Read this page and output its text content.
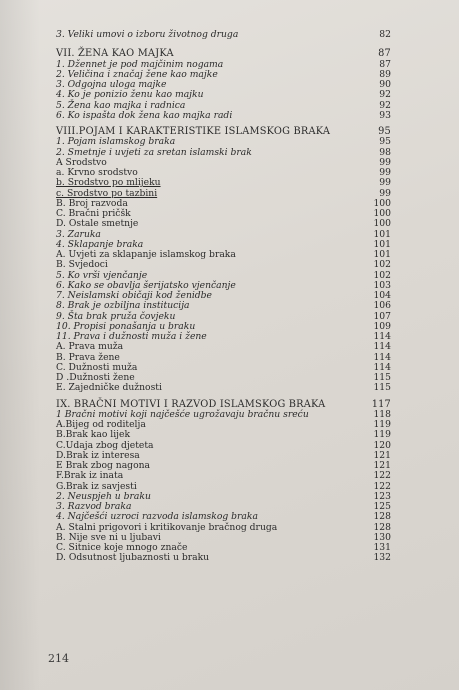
3. Veliki umovi o izboru životnog druga	82
VII. ŽENA KAO MAJKA	87
1. Džennet je pod majčinim nogama	87
2. Veličina i značaj žene kao majke	89
3. Odgojna uloga majke	90
4. Ko je ponizio ženu kao majku	92
5. Žena kao majka i radnica	92
6. Ko ispašta dok žena kao majka radi	93
VIII.POJAM I KARAKTERISTIKE ISLAMSKOG BRAKA	95
1. Pojam islamskog braka	95
2. Smetnje i uvjeti za sretan islamski brak	98
A Srodstvo	99
a. Krvno srodstvo	99
b. Srodstvo po mlijeku	99
c. Srodstvo po tazbini	99
B. Broj razvoda	100
C. Bračni pričšk	100
D. Ostale smetnje	100
3. Zaruka	101
4. Sklapanje braka	101
A. Uvjeti za sklapanje islamskog braka	101
B. Svjedoci	102
5. Ko vrši vjenčanje	102
6. Kako se obavlja šerijatsko vjenčanje	103
7. Neislamski običaji kod ženidbe	104
8. Brak je ozbiljna institucija	106
9. Šta brak pruža čovjeku	107
10. Propisi ponašanja u braku	109
11. Prava i dužnosti muža i žene	114
A. Prava muža	114
B. Prava žene	114
C. Dužnosti muža	114
D .Dužnosti žene	115
E. Zajedničke dužnosti	115
IX. BRAČNI MOTIVI I RAZVOD ISLAMSKOG BRAKA	117
1 Bračni motivi koji najčešće ugrožavaju bračnu sreću	118
A.Bijeg od roditelja	119
B.Brak kao lijek	119
C.Udaja zbog djeteta	120
D.Brak iz interesa	121
E Brak zbog nagona	121
F.Brak iz inata	122
G.Brak iz savjesti	122
2. Neuspjeh u braku	123
3. Razvod braka	125
4. Najčešći uzroci razvoda islamskog braka	128
A. Stalni prigovori i kritikovanje bračnog druga	128
B. Nije sve ni u ljubavi	130
C. Sitnice koje mnogo znače	131
D. Odsutnost ljubaznosti u braku	132
214
